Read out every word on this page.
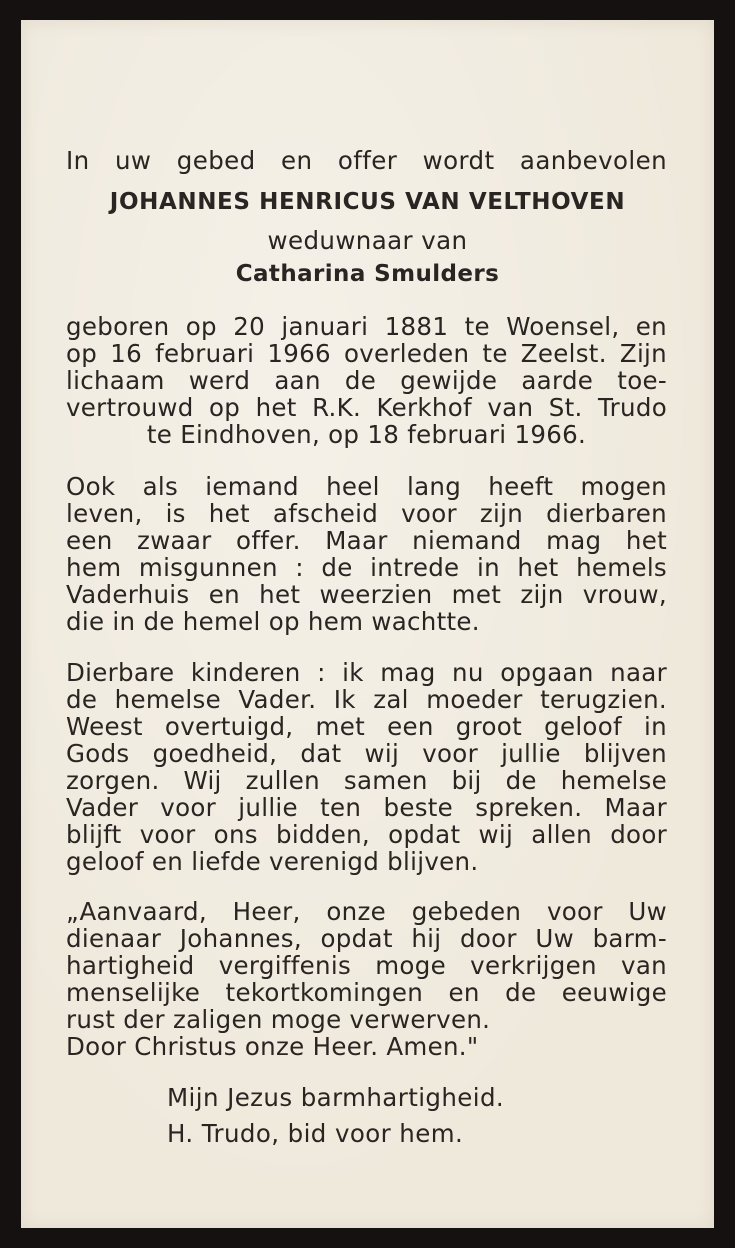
In uw gebed en offer wordt aanbevolen
JOHANNES HENRICUS VAN VELTHOVEN
weduwnaar van
Catharina Smulders
geboren op 20 januari 1881 te Woensel, en
op 16 februari 1966 overleden te Zeelst. Zijn
lichaam werd aan de gewijde aarde toe-
vertrouwd op het R.K. Kerkhof van St. Trudo
te Eindhoven, op 18 februari 1966.
Ook als iemand heel lang heeft mogen
leven, is het afscheid voor zijn dierbaren
een zwaar offer. Maar niemand mag het
hem misgunnen : de intrede in het hemels
Vaderhuis en het weerzien met zijn vrouw,
die in de hemel op hem wachtte.
Dierbare kinderen : ik mag nu opgaan naar
de hemelse Vader. Ik zal moeder terugzien.
Weest overtuigd, met een groot geloof in
Gods goedheid, dat wij voor jullie blijven
zorgen. Wij zullen samen bij de hemelse
Vader voor jullie ten beste spreken. Maar
blijft voor ons bidden, opdat wij allen door
geloof en liefde verenigd blijven.
„Aanvaard, Heer, onze gebeden voor Uw
dienaar Johannes, opdat hij door Uw barm-
hartigheid vergiffenis moge verkrijgen van
menselijke tekortkomingen en de eeuwige
rust der zaligen moge verwerven.
Door Christus onze Heer. Amen."
Mijn Jezus barmhartigheid.
H. Trudo, bid voor hem.
